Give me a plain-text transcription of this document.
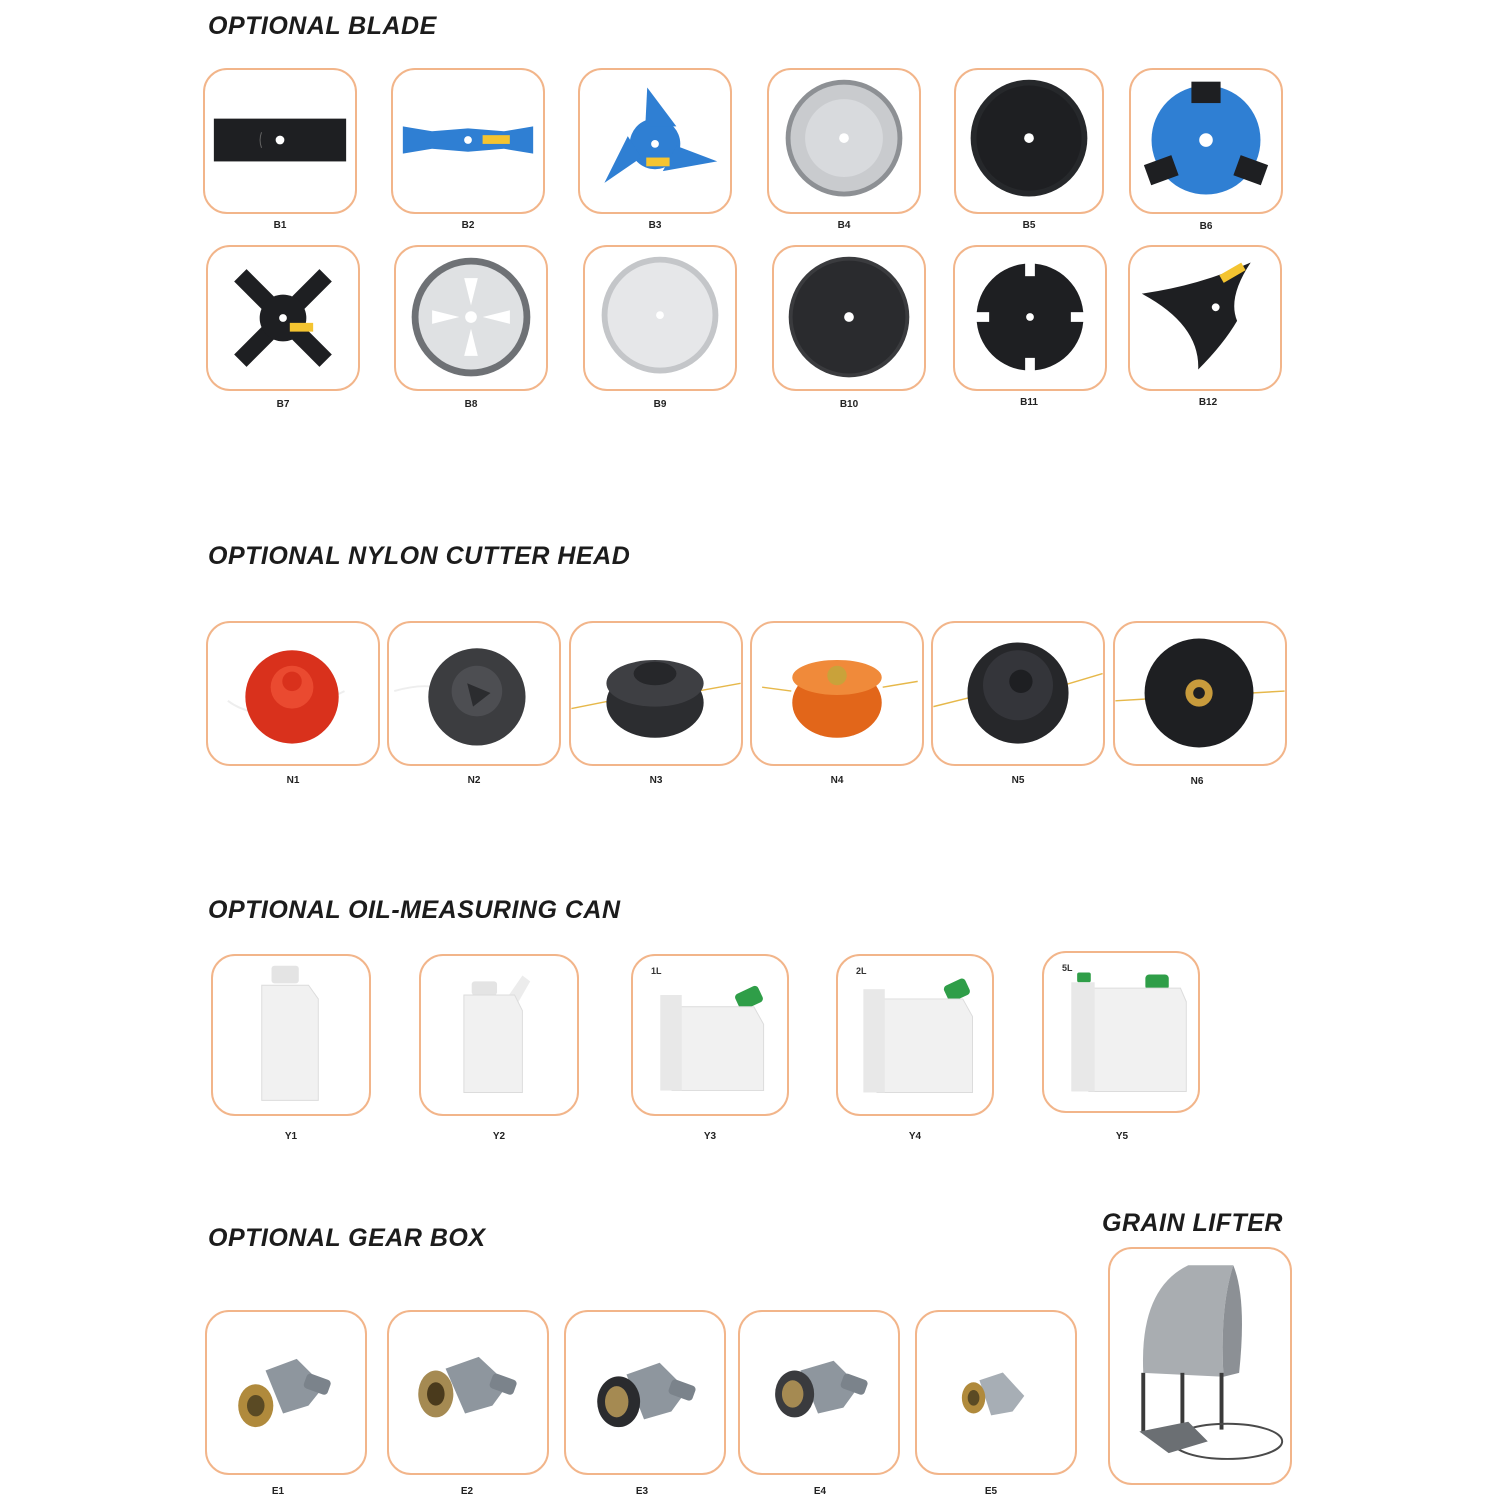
OPTIONAL BLADE
B1	B2	B3	B4	B5	B6
B7	B8	B9	B10	B11	B12
OPTIONAL NYLON CUTTER HEAD
N1	N2	N3	N4	N5	N6
OPTIONAL OIL-MEASURING CAN
1L	2L	5L
Y1	Y2	Y3	Y4	Y5
OPTIONAL GEAR BOX
E1	E2	E3	E4	E5
GRAIN LIFTER
